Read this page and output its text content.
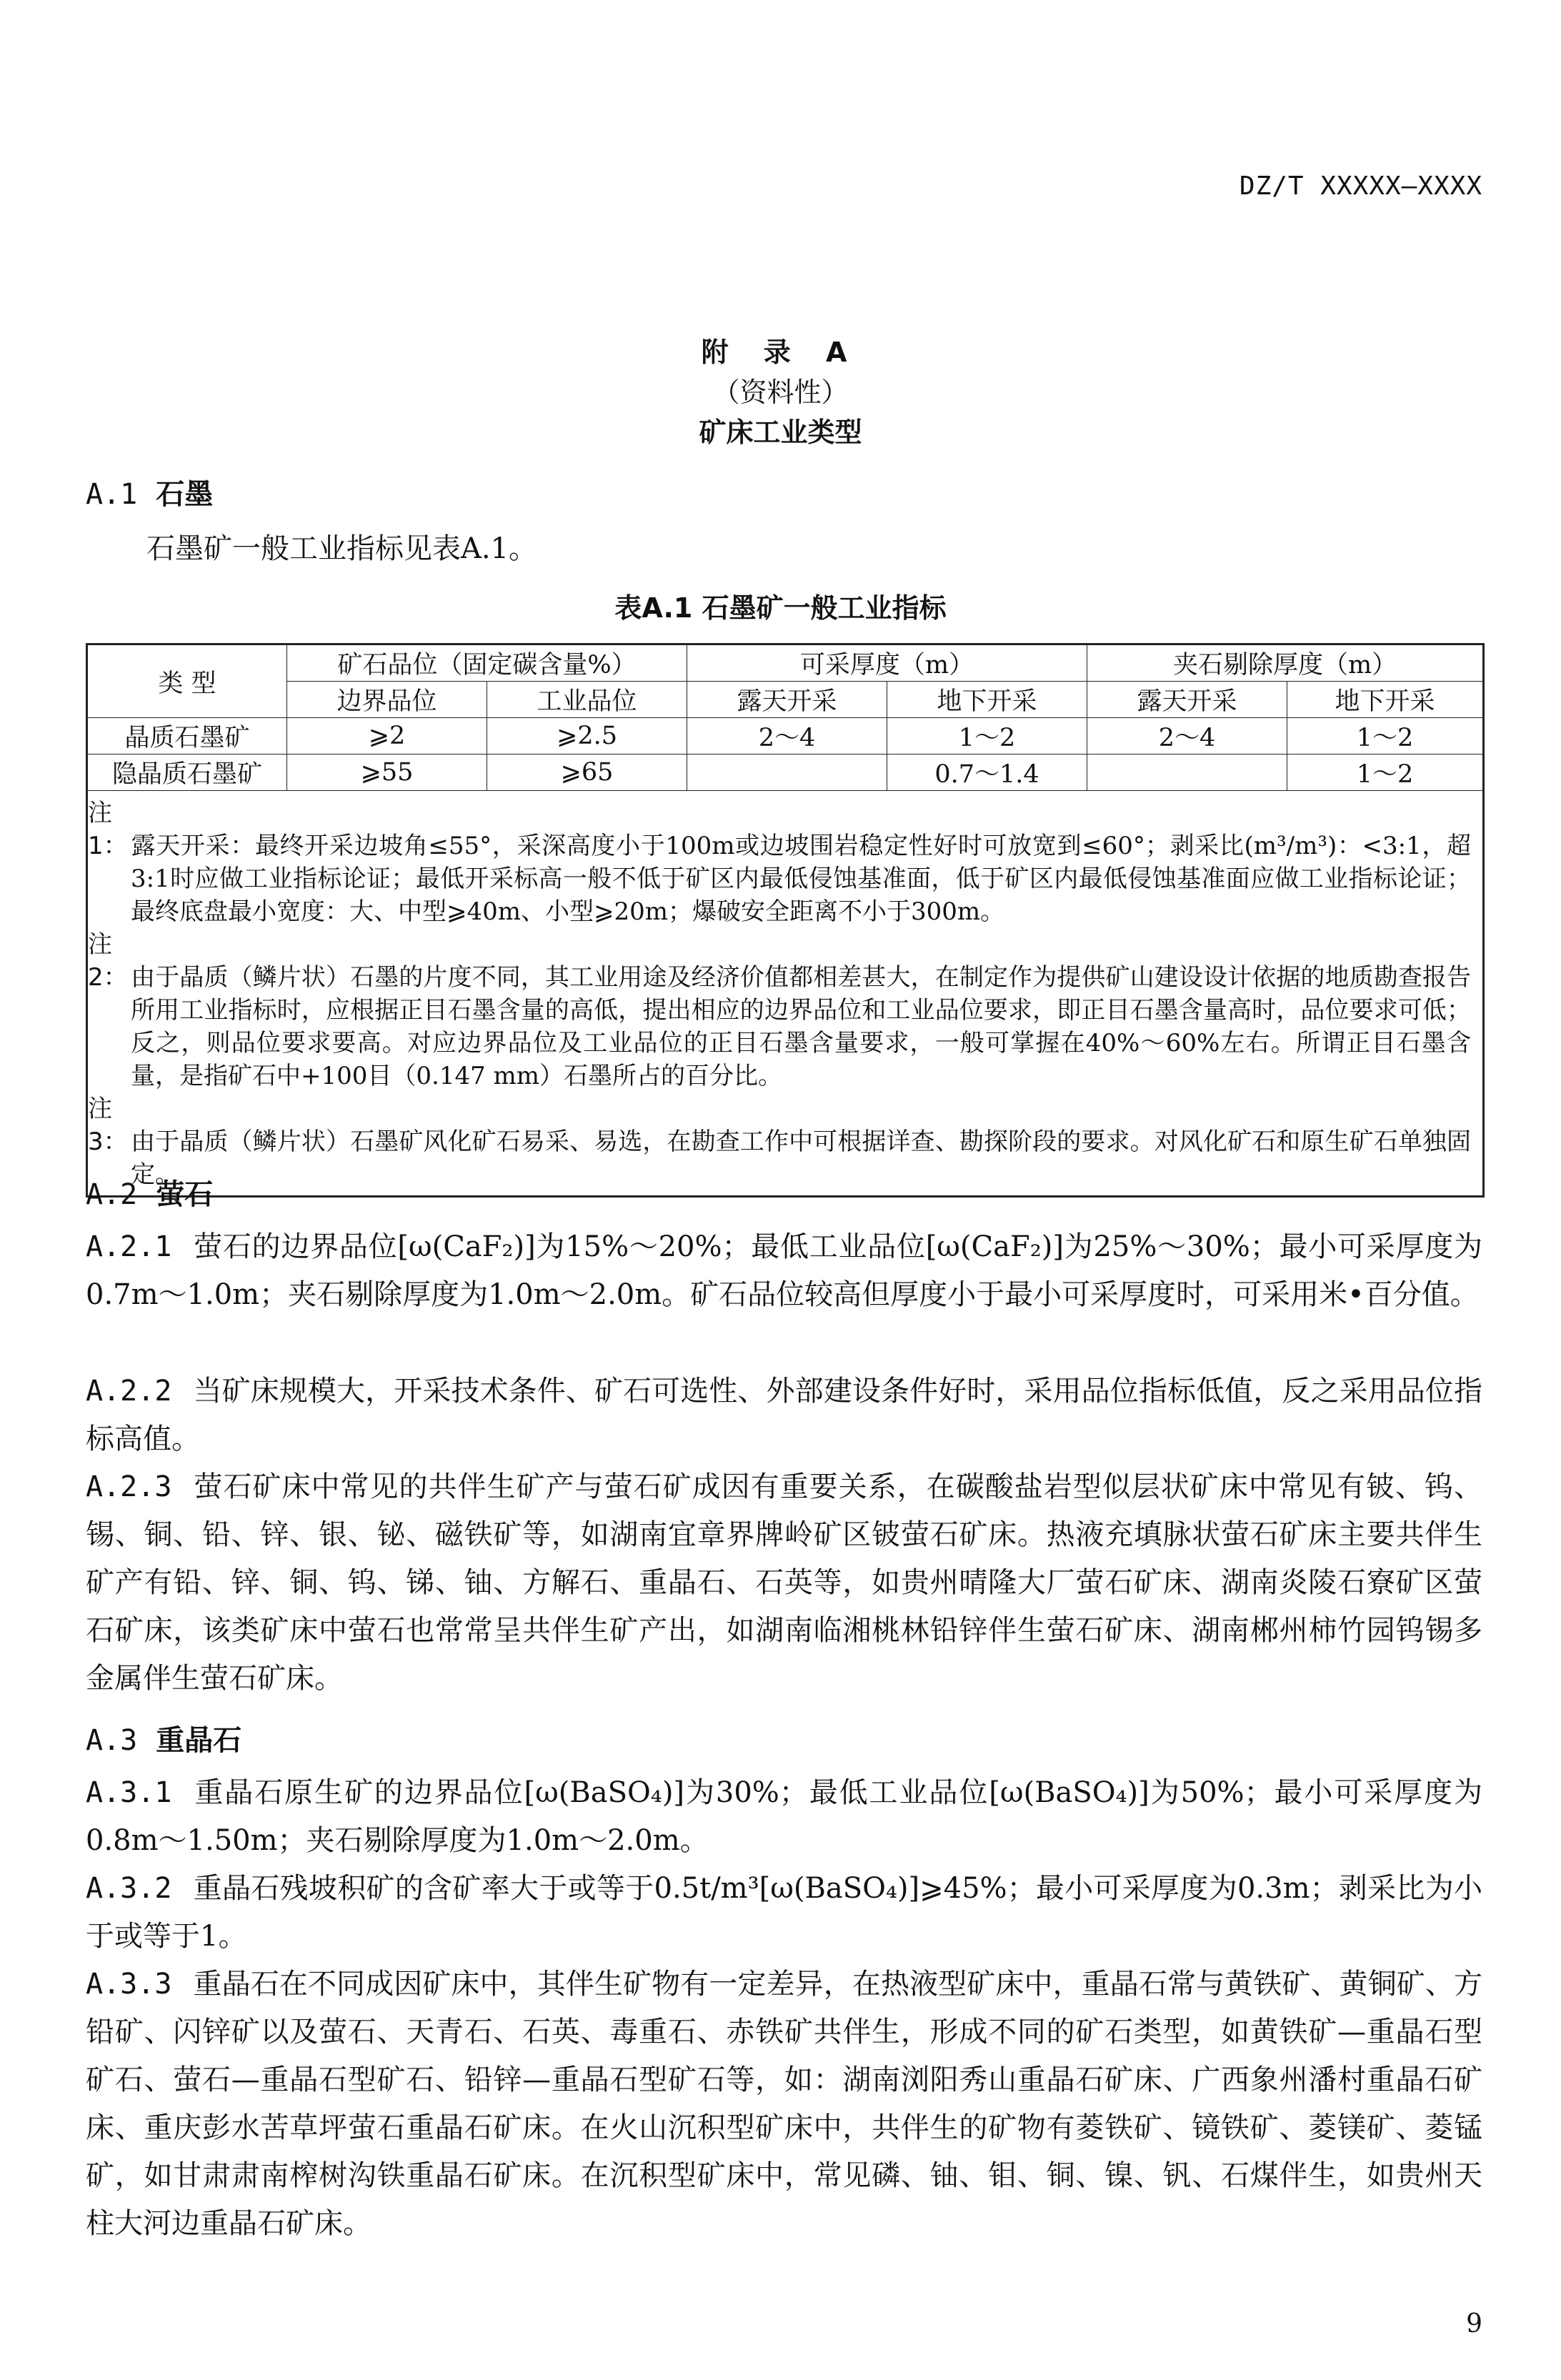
DZ/T XXXXX—XXXX
附 录 A
（资料性）
矿床工业类型
A.1 石墨
石墨矿一般工业指标见表A.1。
表A.1 石墨矿一般工业指标
类 型	矿石品位（固定碳含量%）		可采厚度（m）		夹石剔除厚度（m）	
	边界品位	工业品位	露天开采	地下开采	露天开采	地下开采
晶质石墨矿	⩾2	⩾2.5	2～4	1～2	2～4	1～2
隐晶质石墨矿	⩾55	⩾65		0.7～1.4		1～2

注1： 露天开采：最终开采边坡角≤55°，采深高度小于100m或边坡围岩稳定性好时可放宽到≤60°；剥采比(m³/m³)：<3:1，超3:1时应做工业指标论证；最低开采标高一般不低于矿区内最低侵蚀基准面，低于矿区内最低侵蚀基准面应做工业指标论证；最终底盘最小宽度：大、中型⩾40m、小型⩾20m；爆破安全距离不小于300m。
注2： 由于晶质（鳞片状）石墨的片度不同，其工业用途及经济价值都相差甚大，在制定作为提供矿山建设设计依据的地质勘查报告所用工业指标时，应根据正目石墨含量的高低，提出相应的边界品位和工业品位要求，即正目石墨含量高时，品位要求可低；反之，则品位要求要高。对应边界品位及工业品位的正目石墨含量要求，一般可掌握在40%～60%左右。所谓正目石墨含量，是指矿石中+100目（0.147 mm）石墨所占的百分比。
注3： 由于晶质（鳞片状）石墨矿风化矿石易采、易选，在勘查工作中可根据详查、勘探阶段的要求。对风化矿石和原生矿石单独固定。						
A.2 萤石
A.2.1 萤石的边界品位[ω(CaF₂)]为15%～20%；最低工业品位[ω(CaF₂)]为25%～30%；最小可采厚度为0.7m～1.0m；夹石剔除厚度为1.0m～2.0m。矿石品位较高但厚度小于最小可采厚度时，可采用米•百分值。
A.2.2 当矿床规模大，开采技术条件、矿石可选性、外部建设条件好时，采用品位指标低值，反之采用品位指标高值。
A.2.3 萤石矿床中常见的共伴生矿产与萤石矿成因有重要关系，在碳酸盐岩型似层状矿床中常见有铍、钨、锡、铜、铅、锌、银、铋、磁铁矿等，如湖南宜章界牌岭矿区铍萤石矿床。热液充填脉状萤石矿床主要共伴生矿产有铅、锌、铜、钨、锑、铀、方解石、重晶石、石英等，如贵州晴隆大厂萤石矿床、湖南炎陵石寮矿区萤石矿床，该类矿床中萤石也常常呈共伴生矿产出，如湖南临湘桃林铅锌伴生萤石矿床、湖南郴州柿竹园钨锡多金属伴生萤石矿床。
A.3 重晶石
A.3.1 重晶石原生矿的边界品位[ω(BaSO₄)]为30%；最低工业品位[ω(BaSO₄)]为50%；最小可采厚度为0.8m～1.50m；夹石剔除厚度为1.0m～2.0m。
A.3.2 重晶石残坡积矿的含矿率大于或等于0.5t/m³[ω(BaSO₄)]⩾45%；最小可采厚度为0.3m；剥采比为小于或等于1。
A.3.3 重晶石在不同成因矿床中，其伴生矿物有一定差异，在热液型矿床中，重晶石常与黄铁矿、黄铜矿、方铅矿、闪锌矿以及萤石、天青石、石英、毒重石、赤铁矿共伴生，形成不同的矿石类型，如黄铁矿—重晶石型矿石、萤石—重晶石型矿石、铅锌—重晶石型矿石等，如：湖南浏阳秀山重晶石矿床、广西象州潘村重晶石矿床、重庆彭水苦草坪萤石重晶石矿床。在火山沉积型矿床中，共伴生的矿物有菱铁矿、镜铁矿、菱镁矿、菱锰矿，如甘肃肃南榨树沟铁重晶石矿床。在沉积型矿床中，常见磷、铀、钼、铜、镍、钒、石煤伴生，如贵州天柱大河边重晶石矿床。
9
